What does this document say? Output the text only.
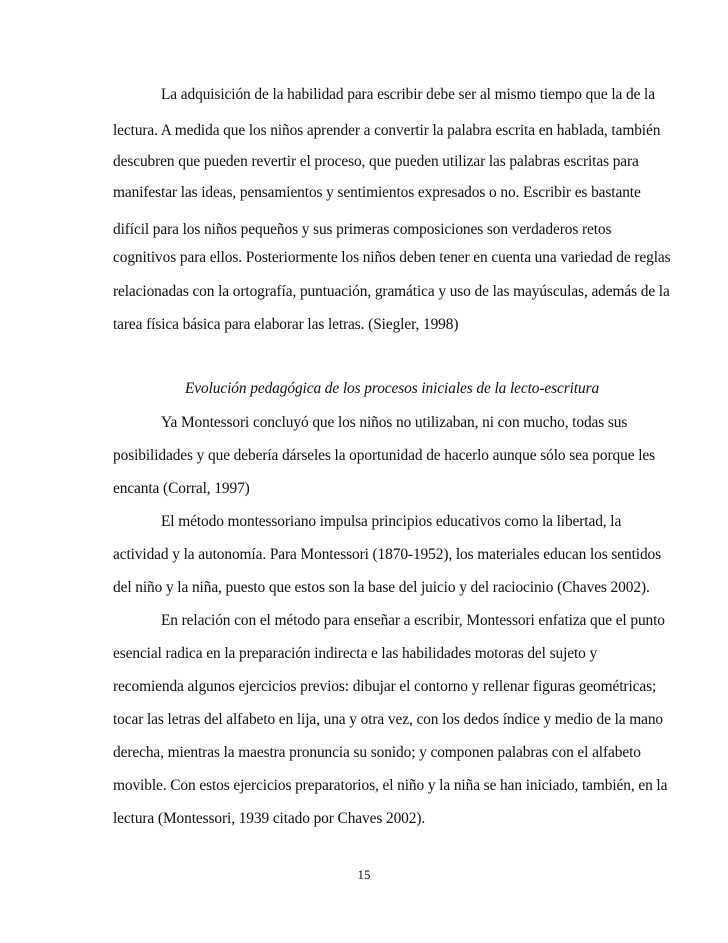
La adquisición de la habilidad para escribir debe ser al mismo tiempo que la de la
lectura. A medida que los niños aprender a convertir la palabra escrita en hablada, también
descubren que pueden revertir el proceso, que pueden utilizar las palabras escritas para
manifestar las ideas, pensamientos y sentimientos expresados o no. Escribir es bastante
difícil para los niños pequeños y sus primeras composiciones son verdaderos retos
cognitivos para ellos. Posteriormente los niños deben tener en cuenta una variedad de reglas
relacionadas con la ortografía, puntuación, gramática y uso de las mayúsculas, además de la
tarea física básica para elaborar las letras. (Siegler, 1998)
Evolución pedagógica de los procesos iniciales de la lecto-escritura
Ya Montessori concluyó que los niños no utilizaban, ni con mucho, todas sus
posibilidades y que debería dárseles la oportunidad de hacerlo aunque sólo sea porque les
encanta (Corral, 1997)
El método montessoriano impulsa principios educativos como la libertad, la
actividad y la autonomía. Para Montessori (1870-1952), los materiales educan los sentidos
del niño y la niña, puesto que estos son la base del juicio y del raciocinio (Chaves 2002).
En relación con el método para enseñar a escribir, Montessori enfatiza que el punto
esencial radica en la preparación indirecta e las habilidades motoras del sujeto y
recomienda algunos ejercicios previos: dibujar el contorno y rellenar figuras geométricas;
tocar las letras del alfabeto en lija, una y otra vez, con los dedos índice y medio de la mano
derecha, mientras la maestra pronuncia su sonido; y componen palabras con el alfabeto
movible. Con estos ejercicios preparatorios, el niño y la niña se han iniciado, también, en la
lectura (Montessori, 1939 citado por Chaves 2002).
15
